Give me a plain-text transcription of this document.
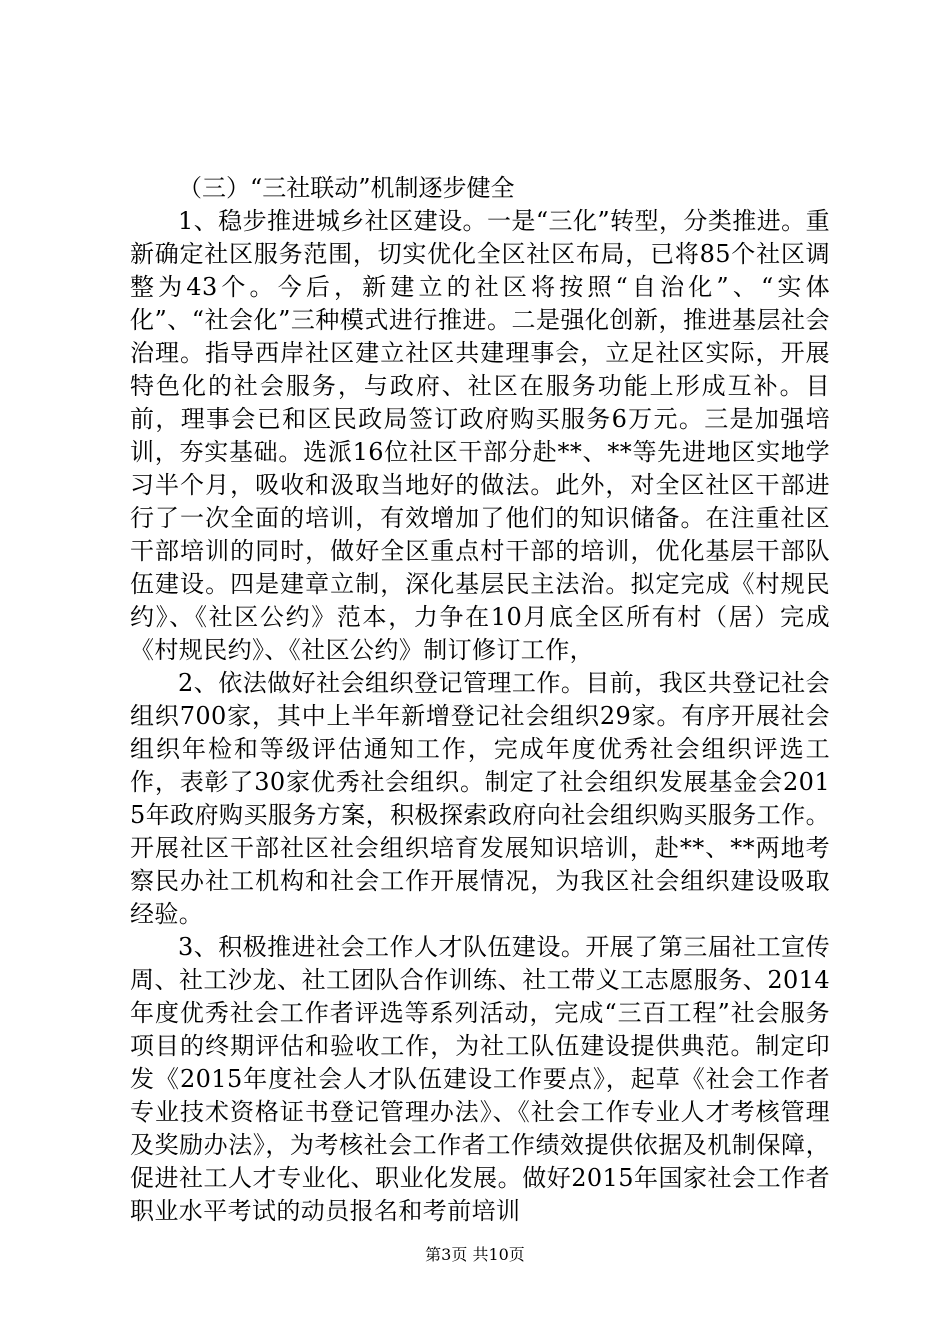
（三）“三社联动”机制逐步健全

1、稳步推进城乡社区建设。一是“三化”转型，分类推进。重新确定社区服务范围，切实优化全区社区布局，已将85个社区调整为43个。今后，新建立的社区将按照“自治化”、“实体化”、“社会化”三种模式进行推进。二是强化创新，推进基层社会治理。指导西岸社区建立社区共建理事会，立足社区实际，开展特色化的社会服务，与政府、社区在服务功能上形成互补。目前，理事会已和区民政局签订政府购买服务6万元。三是加强培训，夯实基础。选派16位社区干部分赴**、**等先进地区实地学习半个月，吸收和汲取当地好的做法。此外，对全区社区干部进行了一次全面的培训，有效增加了他们的知识储备。在注重社区干部培训的同时，做好全区重点村干部的培训，优化基层干部队伍建设。四是建章立制，深化基层民主法治。拟定完成《村规民约》、《社区公约》范本，力争在10月底全区所有村（居）完成《村规民约》、《社区公约》制订修订工作，

2、依法做好社会组织登记管理工作。目前，我区共登记社会组织700家，其中上半年新增登记社会组织29家。有序开展社会组织年检和等级评估通知工作，完成年度优秀社会组织评选工作，表彰了30家优秀社会组织。制定了社会组织发展基金会2015年政府购买服务方案，积极探索政府向社会组织购买服务工作。开展社区干部社区社会组织培育发展知识培训，赴**、**两地考察民办社工机构和社会工作开展情况，为我区社会组织建设吸取经验。

3、积极推进社会工作人才队伍建设。开展了第三届社工宣传周、社工沙龙、社工团队合作训练、社工带义工志愿服务、2014年度优秀社会工作者评选等系列活动，完成“三百工程”社会服务项目的终期评估和验收工作，为社工队伍建设提供典范。制定印发《2015年度社会人才队伍建设工作要点》，起草《社会工作者专业技术资格证书登记管理办法》、《社会工作专业人才考核管理及奖励办法》，为考核社会工作者工作绩效提供依据及机制保障，促进社工人才专业化、职业化发展。做好2015年国家社会工作者职业水平考试的动员报名和考前培训

第3页 共10页
